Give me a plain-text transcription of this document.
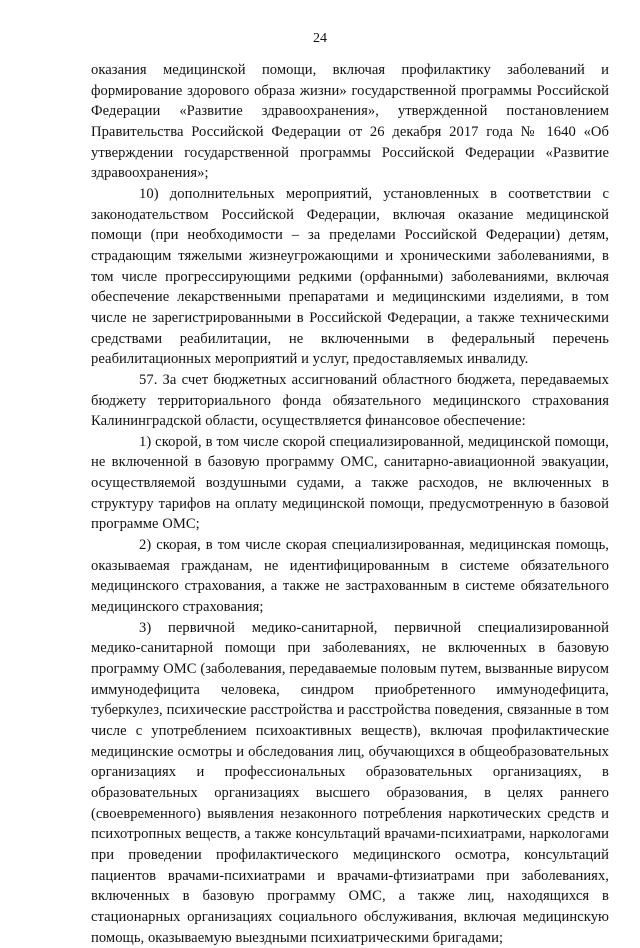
24

оказания медицинской помощи, включая профилактику заболеваний и формирование здорового образа жизни» государственной программы Российской Федерации «Развитие здравоохранения», утвержденной постановлением Правительства Российской Федерации от 26 декабря 2017 года № 1640 «Об утверждении государственной программы Российской Федерации «Развитие здравоохранения»;

10) дополнительных мероприятий, установленных в соответствии с законодательством Российской Федерации, включая оказание медицинской помощи (при необходимости – за пределами Российской Федерации) детям, страдающим тяжелыми жизнеугрожающими и хроническими заболеваниями, в том числе прогрессирующими редкими (орфанными) заболеваниями, включая обеспечение лекарственными препаратами и медицинскими изделиями, в том числе не зарегистрированными в Российской Федерации, а также техническими средствами реабилитации, не включенными в федеральный перечень реабилитационных мероприятий и услуг, предоставляемых инвалиду.

57. За счет бюджетных ассигнований областного бюджета, передаваемых бюджету территориального фонда обязательного медицинского страхования Калининградской области, осуществляется финансовое обеспечение:

1) скорой, в том числе скорой специализированной, медицинской помощи, не включенной в базовую программу ОМС, санитарно-авиационной эвакуации, осуществляемой воздушными судами, а также расходов, не включенных в структуру тарифов на оплату медицинской помощи, предусмотренную в базовой программе ОМС;

2) скорая, в том числе скорая специализированная, медицинская помощь, оказываемая гражданам, не идентифицированным в системе обязательного медицинского страхования, а также не застрахованным в системе обязательного медицинского страхования;

3) первичной медико-санитарной, первичной специализированной медико-санитарной помощи при заболеваниях, не включенных в базовую программу ОМС (заболевания, передаваемые половым путем, вызванные вирусом иммунодефицита человека, синдром приобретенного иммунодефицита, туберкулез, психические расстройства и расстройства поведения, связанные в том числе с употреблением психоактивных веществ), включая профилактические медицинские осмотры и обследования лиц, обучающихся в общеобразовательных организациях и профессиональных образовательных организациях, в образовательных организациях высшего образования, в целях раннего (своевременного) выявления незаконного потребления наркотических средств и психотропных веществ, а также консультаций врачами-психиатрами, наркологами при проведении профилактического медицинского осмотра, консультаций пациентов врачами-психиатрами и врачами-фтизиатрами при заболеваниях, включенных в базовую программу ОМС, а также лиц, находящихся в стационарных организациях социального обслуживания, включая медицинскую помощь, оказываемую выездными психиатрическими бригадами;
